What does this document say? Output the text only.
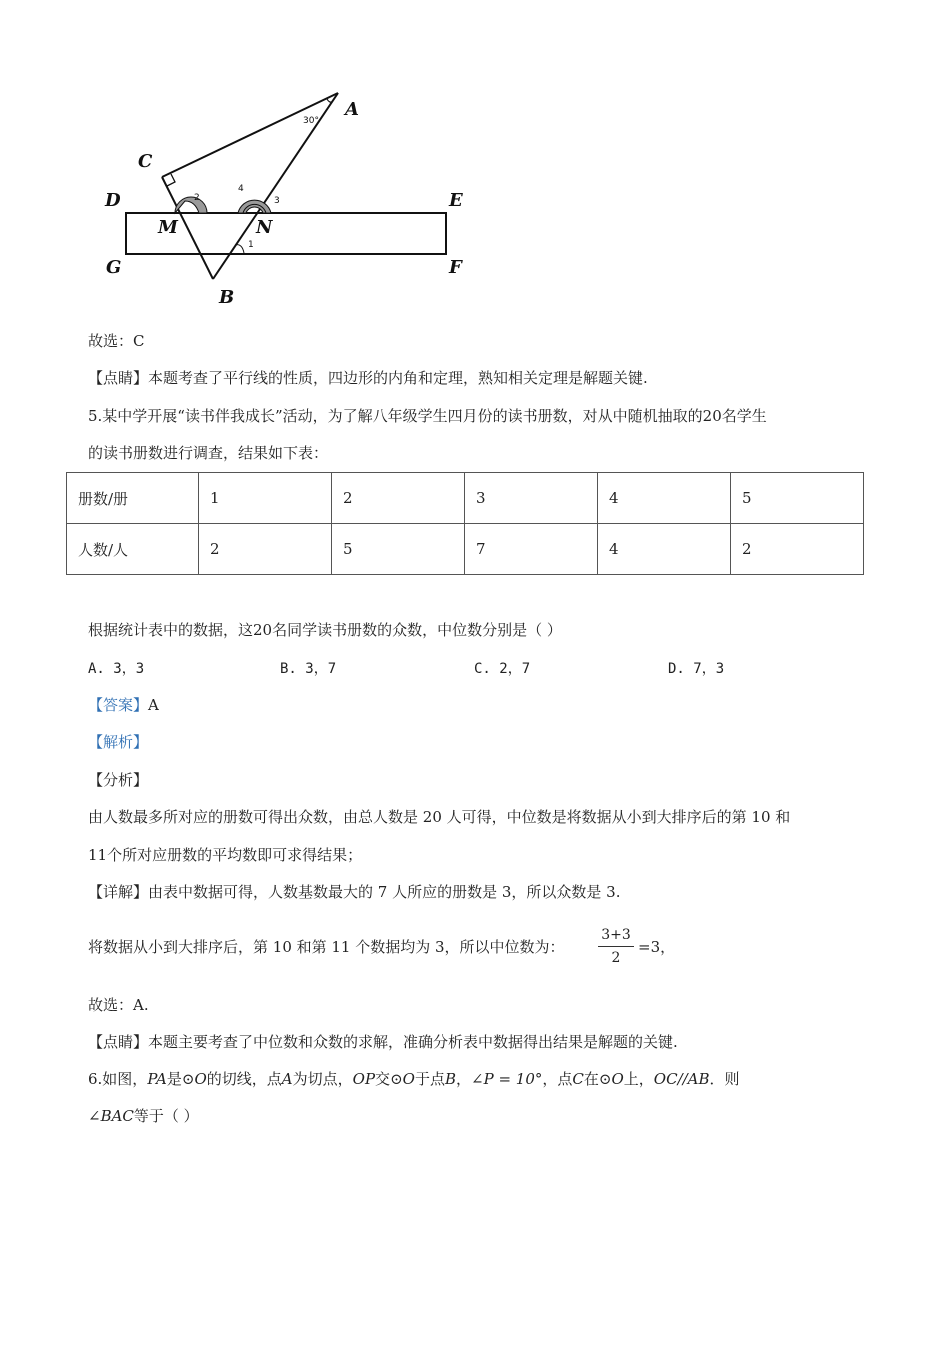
A
C
D	E
M	N
G	F
B
30°
2
4
3
1
故选：C
【点睛】本题考查了平行线的性质，四边形的内角和定理，熟知相关定理是解题关键.
5.某中学开展“读书伴我成长”活动，为了解八年级学生四月份的读书册数，对从中随机抽取的20名学生
的读书册数进行调查，结果如下表：
册数/册	1	2	3	4	5
人数/人	2	5	7	4	2
根据统计表中的数据，这20名同学读书册数的众数，中位数分别是（ ）
A. 3，3	B. 3，7	C. 2，7	D. 7，3
【答案】A
【解析】
【分析】
由人数最多所对应的册数可得出众数，由总人数是 20 人可得，中位数是将数据从小到大排序后的第 10 和
11个所对应册数的平均数即可求得结果；
【详解】由表中数据可得，人数基数最大的 7 人所应的册数是 3，所以众数是 3.
将数据从小到大排序后，第 10 和第 11 个数据均为 3，所以中位数为：
3+3
2
=3，
故选：A.
【点睛】本题主要考查了中位数和众数的求解，准确分析表中数据得出结果是解题的关键.
6.如图，PA是⊙O的切线，点A为切点，OP交⊙O于点B，∠P = 10°，点C在⊙O上，OC//AB．则
∠BAC等于（ ）
